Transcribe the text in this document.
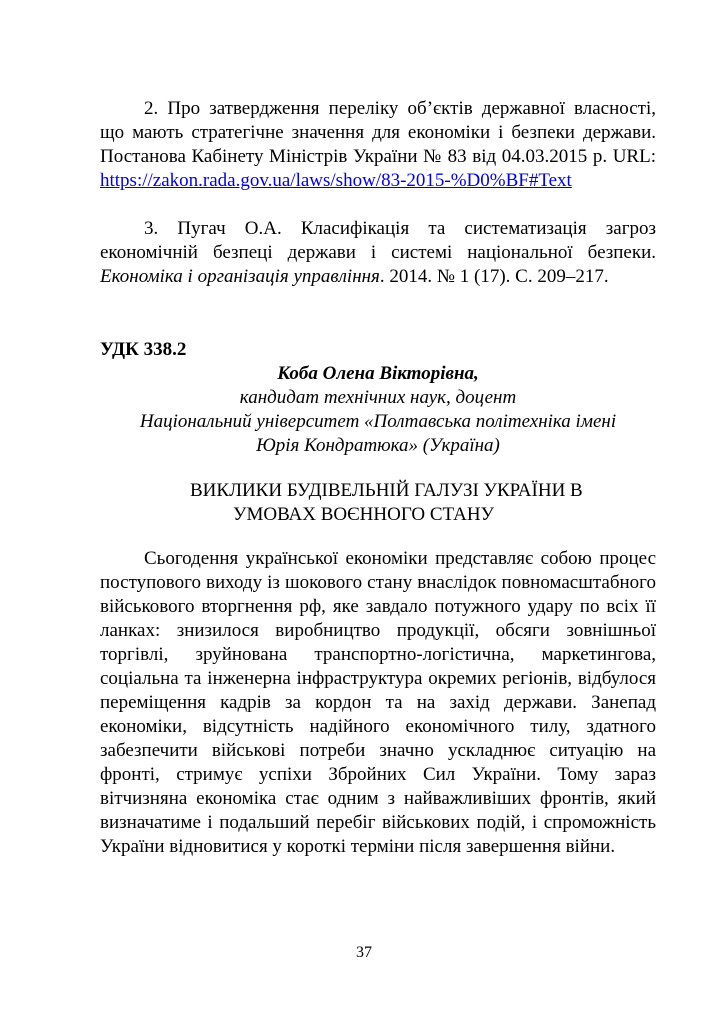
2. Про затвердження переліку об’єктів державної власності, що мають стратегічне значення для економіки і безпеки держави. Постанова Кабінету Міністрів України № 83 від 04.03.2015 р. URL: https://zakon.rada.gov.ua/laws/show/83-2015-%D0%BF#Text

3. Пугач О.А. Класифікація та систематизація загроз економічній безпеці держави і системі національної безпеки. Економіка і організація управління. 2014. № 1 (17). С. 209–217.

УДК 338.2

Коба Олена Вікторівна,
кандидат технічних наук, доцент
Національний університет «Полтавська політехніка імені
Юрія Кондратюка» (Україна)
ВИКЛИКИ БУДІВЕЛЬНІЙ ГАЛУЗІ УКРАЇНИ В
УМОВАХ ВОЄННОГО СТАНУ

Сьогодення української економіки представляє собою процес поступового виходу із шокового стану внаслідок повномасштабного військового вторгнення рф, яке завдало потужного удару по всіх її ланках: знизилося виробництво продукції, обсяги зовнішньої торгівлі, зруйнована транспортно-логістична, маркетингова, соціальна та інженерна інфраструктура окремих регіонів, відбулося переміщення кадрів за кордон та на захід держави. Занепад економіки, відсутність надійного економічного тилу, здатного забезпечити військові потреби значно ускладнює ситуацію на фронті, стримує успіхи Збройних Сил України. Тому зараз вітчизняна економіка стає одним з найважливіших фронтів, який визначатиме і подальший перебіг військових подій, і спроможність України відновитися у короткі терміни після завершення війни.

37
